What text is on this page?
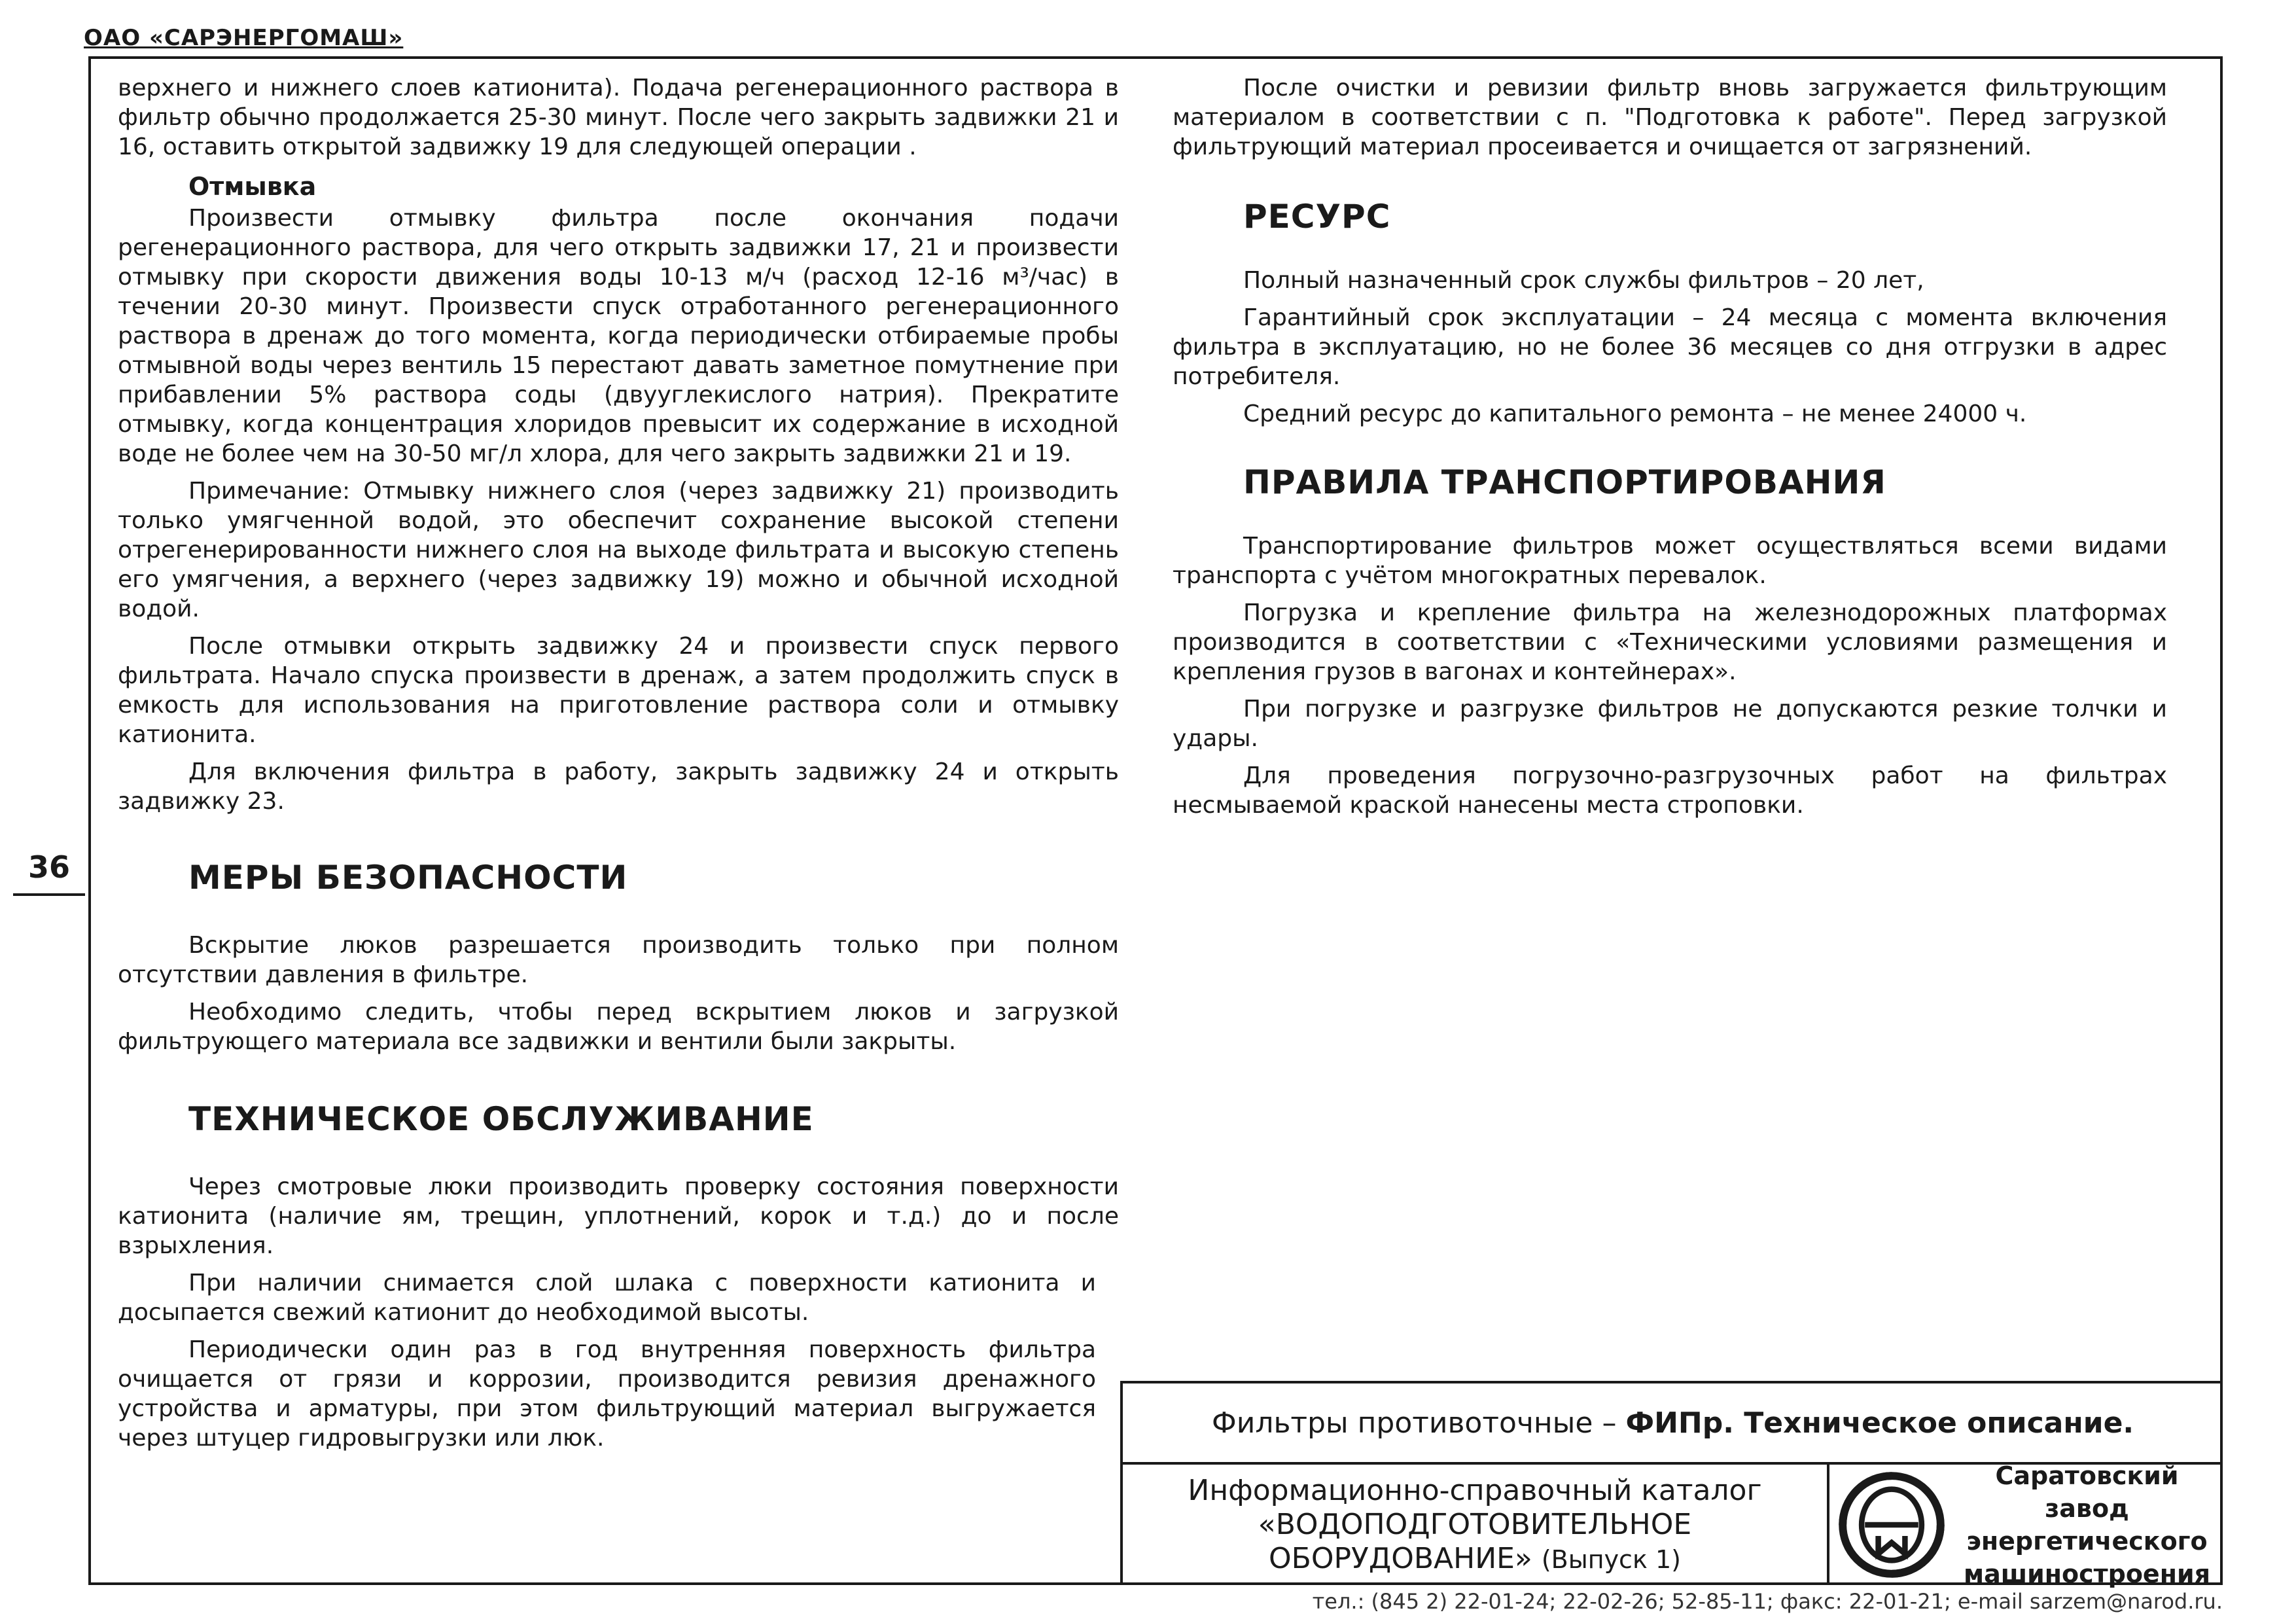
ОАО «САРЭНЕРГОМАШ»
36

верхнего и нижнего слоев катионита). Подача регенерационного раствора в фильтр обычно продолжается 25-30 минут. После чего закрыть задвижки 21 и 16, оставить открытой задвижку 19 для следующей операции .

Отмывка

Произвести отмывку фильтра после окончания подачи регенерационного раствора, для чего открыть задвижки 17, 21 и произвести отмывку при скорости движения воды 10-13 м/ч (расход 12-16 м³/час) в течении 20-30 минут. Произвести спуск отработанного регенерационного раствора в дренаж до того момента, когда периодически отбираемые пробы отмывной воды через вентиль 15 перестают давать заметное помутнение при прибавлении 5% раствора соды (двууглекислого натрия). Прекратите отмывку, когда концентрация хлоридов превысит их содержание в исходной воде не более чем на 30-50 мг/л хлора, для чего закрыть задвижки 21 и 19.

Примечание: Отмывку нижнего слоя (через задвижку 21) производить только умягченной водой, это обеспечит сохранение высокой степени отрегенерированности нижнего слоя на выходе фильтрата и высокую степень его умягчения, а верхнего (через задвижку 19) можно и обычной исходной водой.

После отмывки открыть задвижку 24 и произвести спуск первого фильтрата. Начало спуска произвести в дренаж, а затем продолжить спуск в емкость для использования на приготовление раствора соли и отмывку катионита.

Для включения фильтра в работу, закрыть задвижку 24 и открыть задвижку 23.

МЕРЫ БЕЗОПАСНОСТИ

Вскрытие люков разрешается производить только при полном отсутствии давления в фильтре.

Необходимо следить, чтобы перед вскрытием люков и загрузкой фильтрующего материала все задвижки и вентили были закрыты.

ТЕХНИЧЕСКОЕ ОБСЛУЖИВАНИЕ

Через смотровые люки производить проверку состояния поверхности катионита (наличие ям, трещин, уплотнений, корок и т.д.) до и после взрыхления.

При наличии снимается слой шлака с поверхности катионита и досыпается свежий катионит до необходимой высоты.

Периодически один раз в год внутренняя поверхность фильтра очищается от грязи и коррозии, производится ревизия дренажного устройства и арматуры, при этом фильтрующий материал выгружается через штуцер гидровыгрузки или люк.

После очистки и ревизии фильтр вновь загружается фильтрующим материалом в соответствии с п. "Подготовка к работе". Перед загрузкой фильтрующий материал просеивается и очищается от загрязнений.

РЕСУРС

Полный назначенный срок службы фильтров – 20 лет,

Гарантийный срок эксплуатации – 24 месяца с момента включения фильтра в эксплуатацию, но не более 36 месяцев со дня отгрузки в адрес потребителя.

Средний ресурс до капитального ремонта – не менее 24000 ч.

ПРАВИЛА ТРАНСПОРТИРОВАНИЯ

Транспортирование фильтров может осуществляться всеми видами транспорта с учётом многократных перевалок.

Погрузка и крепление фильтра на железнодорожных платформах производится в соответствии с «Техническими условиями размещения и крепления грузов в вагонах и контейнерах».

При погрузке и разгрузке фильтров не допускаются резкие толчки и удары.

Для проведения погрузочно-разгрузочных работ на фильтрах несмываемой краской нанесены места строповки.

Фильтры противоточные – ФИПр. Техническое описание.
Информационно-справочный каталог
«ВОДОПОДГОТОВИТЕЛЬНОЕ
ОБОРУДОВАНИЕ» (Выпуск 1)
Саратовский завод
энергетического
машиностроения
тел.: (845 2) 22-01-24; 22-02-26; 52-85-11; факс: 22-01-21; e-mail sarzem@narod.ru.
